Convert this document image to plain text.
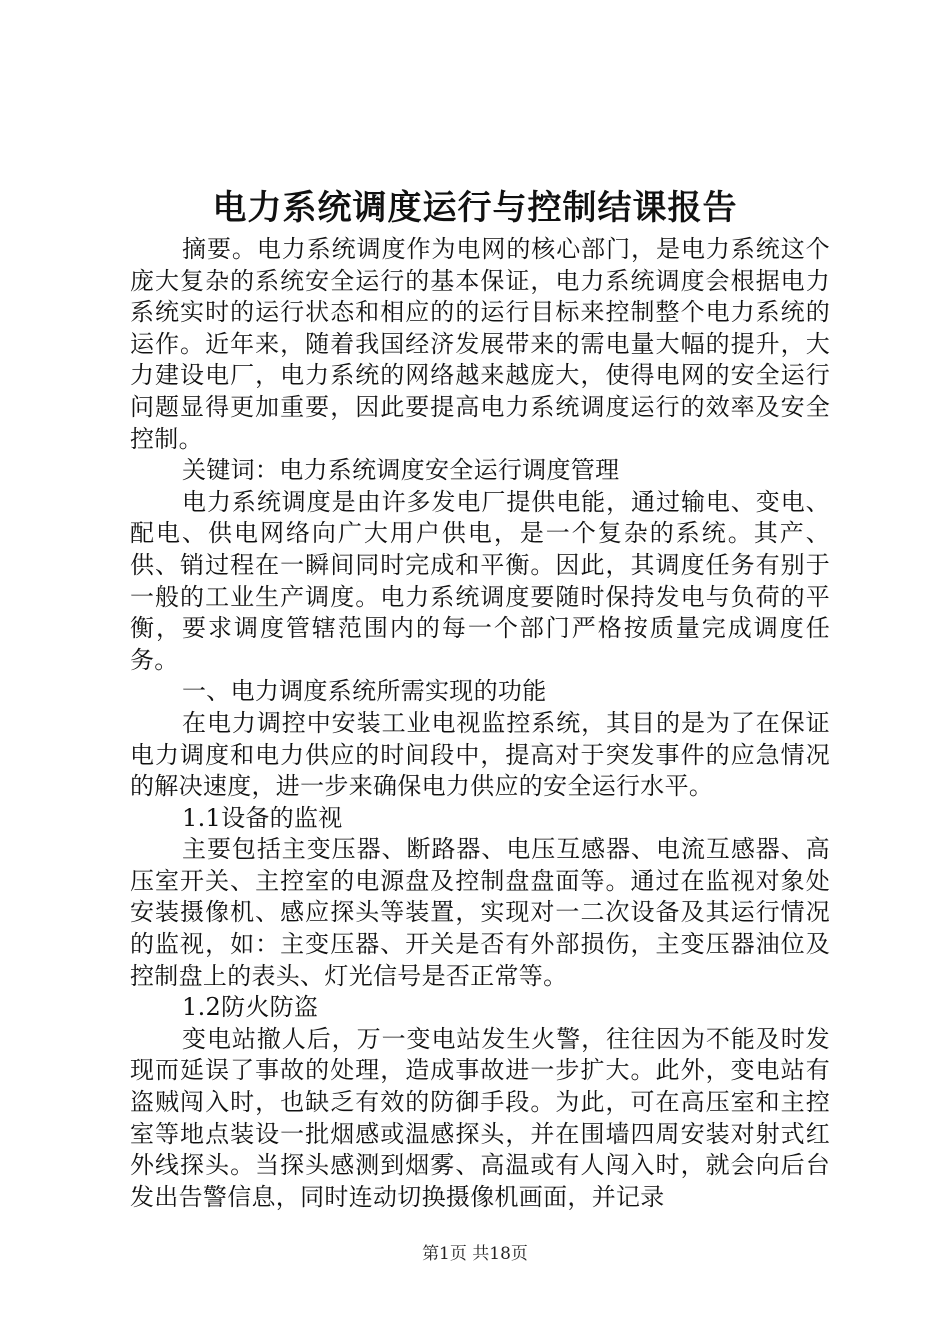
电力系统调度运行与控制结课报告

摘要。电力系统调度作为电网的核心部门，是电力系统这个庞大复杂的系统安全运行的基本保证，电力系统调度会根据电力系统实时的运行状态和相应的的运行目标来控制整个电力系统的运作。近年来，随着我国经济发展带来的需电量大幅的提升，大力建设电厂，电力系统的网络越来越庞大，使得电网的安全运行问题显得更加重要，因此要提高电力系统调度运行的效率及安全控制。

关键词：电力系统调度安全运行调度管理

电力系统调度是由许多发电厂提供电能，通过输电、变电、配电、供电网络向广大用户供电，是一个复杂的系统。其产、供、销过程在一瞬间同时完成和平衡。因此，其调度任务有别于一般的工业生产调度。电力系统调度要随时保持发电与负荷的平衡，要求调度管辖范围内的每一个部门严格按质量完成调度任务。

一、电力调度系统所需实现的功能

在电力调控中安装工业电视监控系统，其目的是为了在保证电力调度和电力供应的时间段中，提高对于突发事件的应急情况的解决速度，进一步来确保电力供应的安全运行水平。

1.1设备的监视

主要包括主变压器、断路器、电压互感器、电流互感器、高压室开关、主控室的电源盘及控制盘盘面等。通过在监视对象处安装摄像机、感应探头等装置，实现对一二次设备及其运行情况的监视，如：主变压器、开关是否有外部损伤，主变压器油位及控制盘上的表头、灯光信号是否正常等。

1.2防火防盗

变电站撤人后，万一变电站发生火警，往往因为不能及时发现而延误了事故的处理，造成事故进一步扩大。此外，变电站有盗贼闯入时，也缺乏有效的防御手段。为此，可在高压室和主控室等地点装设一批烟感或温感探头，并在围墙四周安装对射式红外线探头。当探头感测到烟雾、高温或有人闯入时，就会向后台发出告警信息，同时连动切换摄像机画面，并记录

第1页 共18页
